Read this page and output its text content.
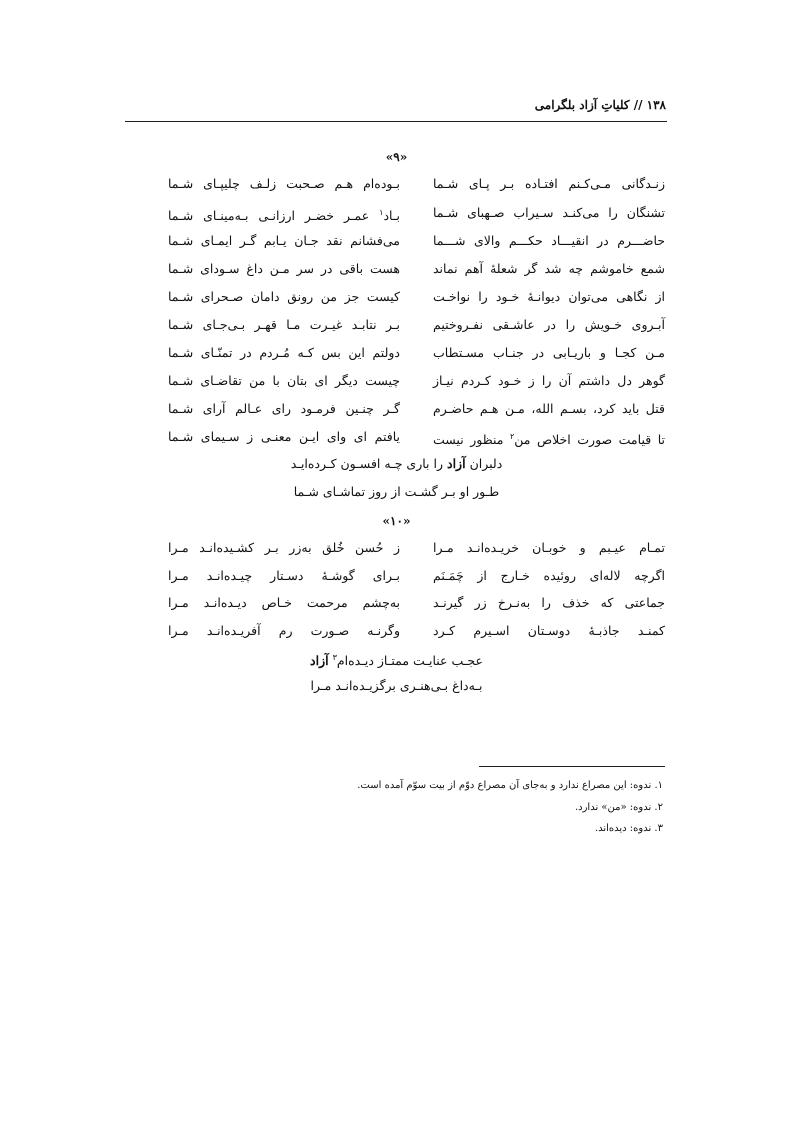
۱۳۸ // کلیاتِ آزاد بلگرامی
«۹»
زنـدگانی مـی‌کـنم افتـاده بـر پـای شـما
بـوده‌ام هـم صـحبت زلـف چلیپـای شـما
تشنگان را می‌کنـد سـیراب صـهبای شـما
بـاد$^۱$ عمـر خضـر ارزانـی بـه‌مینـای شـما
حاضـــرم در انقیـــاد حکـــم والای شـــما
می‌فشانم نقد جـان یـابم گـر ایمـای شـما
شمع خاموشم چه شد گر شعلهٔ آهم نماند
هست باقی در سر مـن داغ سـودای شـما
از نگاهی می‌توان دیوانـهٔ خـود را نواخـت
کیست جز من رونق دامان صـحرای شـما
آبـروی خـویش را در عاشـقی نفـروختیم
بـر نتابـد غیـرت مـا قهـر بـی‌جـای شـما
مـن کجـا و باریـابی در جنـاب مسـتطاب
دولتم این بس کـه مُـردم در تمنّـای شـما
گوهر دل داشتم آن را ز خـود کـردم نیـاز
چیست دیگر ای بتان با من تقاضـای شـما
قتل باید کرد، بسـم الله، مـن هـم حاضـرم
گـر چنـین فرمـود رای عـالم آرای شـما
تا قیامت صورت اخلاص من$^۲$ منظور نیست
یافتم ای وای ایـن معنـی ز سـیمای شـما
دلبران آزاد را باری چـه افسـون کـرده‌ایـد
طـور او بـر گشـت از روز تماشـای شـما
«۱۰»
تمـام عیـبم و خوبـان خریـده‌انـد مـرا
ز حُسن خُلق به‌زر بـر کشـیده‌انـد مـرا
اگرچه لاله‌ای روئیده خـارج از چَمَـنَم
بـرای گوشـهٔ دسـتار چیـده‌انـد مـرا
جماعتی که خذف را به‌نـرخ زر گیرنـد
به‌چشم مرحمت خـاص دیـده‌انـد مـرا
کمنـد جاذبـهٔ دوسـتان اسـیرم کـرد
وگرنـه صـورت رم آفریـده‌انـد مـرا
عجـب عنایـت ممتـاز دیـده‌ام$^۳$ آزاد
بـه‌داغ بـی‌هنـری برگزیـده‌انـد مـرا
۱. ندوه: این مصراع ندارد و به‌جای آن مصراع دوّم از بیت سوّم آمده است.
۲. ندوه: «من» ندارد.
۳. ندوه: دیده‌اند.
